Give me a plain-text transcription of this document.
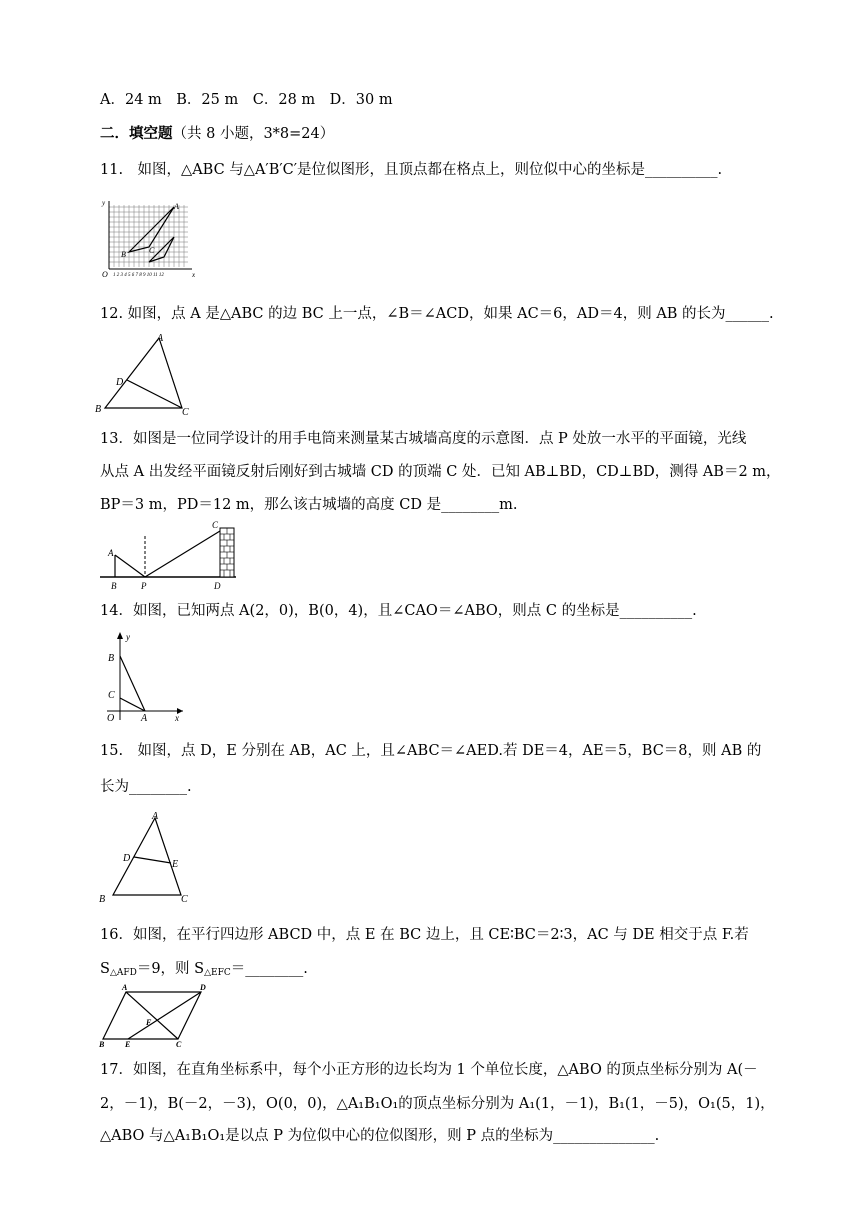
A．24 m　B．25 m　C．28 m　D．30 m
二．填空题（共 8 小题，3*8=24）
11.　如图，△ABC 与△A′B′C′是位似图形，且顶点都在格点上，则位似中心的坐标是__________.
y
O	x
A
B	C
1 2 3 4 5 6 7 8 9 10 11 12
12. 如图，点 A 是△ABC 的边 BC 上一点，∠B＝∠ACD，如果 AC＝6，AD＝4，则 AB 的长为______.
A
B	C
D
13．如图是一位同学设计的用手电筒来测量某古城墙高度的示意图．点 P 处放一水平的平面镜，光线
从点 A 出发经平面镜反射后刚好到古城墙 CD 的顶端 C 处．已知 AB⊥BD，CD⊥BD，测得 AB＝2 m，
BP＝3 m，PD＝12 m，那么该古城墙的高度 CD 是________m.
A
B	P
C
D
14．如图，已知两点 A(2，0)，B(0，4)，且∠CAO＝∠ABO，则点 C 的坐标是__________.
y
B
C
O	A	x
15.　如图，点 D，E 分别在 AB，AC 上，且∠ABC＝∠AED.若 DE＝4，AE＝5，BC＝8，则 AB 的
长为________.
A
B	C
D
E
16．如图，在平行四边形 ABCD 中，点 E 在 BC 边上，且 CE∶BC＝2∶3，AC 与 DE 相交于点 F.若
$S_{\triangle AFD}=9$，则 $S_{\triangle EFC}=\_\_\_\_\_\_\_\_$.
A	D
F
B	E	C
17．如图，在直角坐标系中，每个小正方形的边长均为 1 个单位长度，△ABO 的顶点坐标分别为 A(－
2，－1)，B(－2，－3)，O(0，0)，△A₁B₁O₁的顶点坐标分别为 A₁(1，－1)，B₁(1，－5)，O₁(5，1)，
△ABO 与△A₁B₁O₁是以点 P 为位似中心的位似图形，则 P 点的坐标为______________.
